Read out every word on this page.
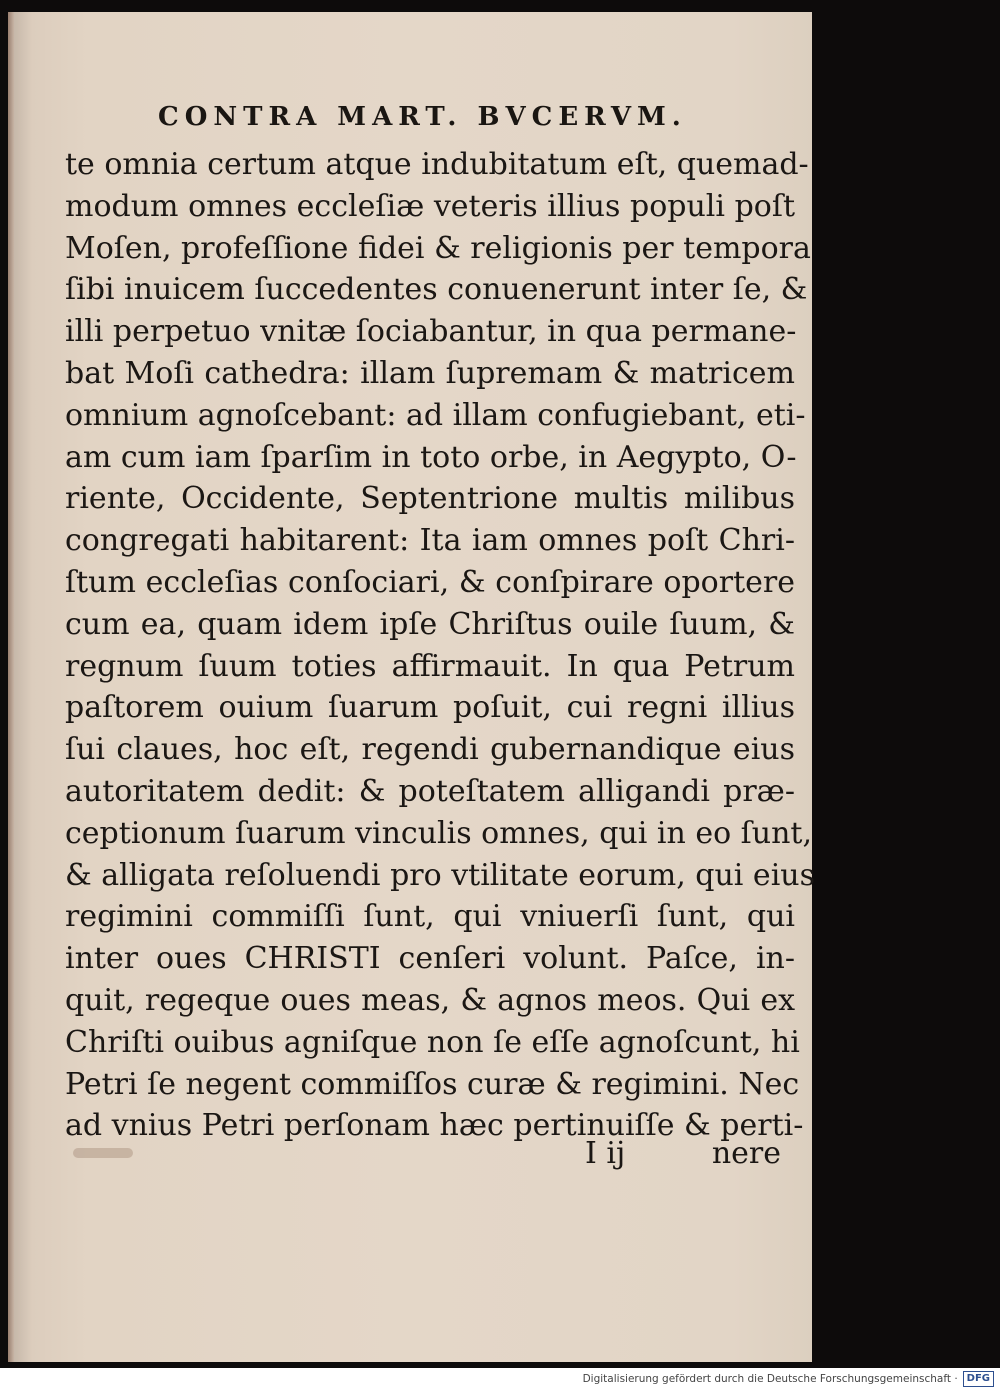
CONTRA MART. BVCERVM.
te omnia certum atque indubitatum eſt, quemad-
modum omnes eccleſiæ veteris illius populi poſt
Moſen, profeſſione fidei & religionis per tempora
ſibi inuicem ſuccedentes conuenerunt inter ſe, &
illi perpetuo vnitæ ſociabantur, in qua permane-
bat Moſi cathedra: illam ſupremam & matricem
omnium agnoſcebant: ad illam confugiebant, eti-
am cum iam ſparſim in toto orbe, in Aegypto, O-
riente, Occidente, Septentrione multis milibus
congregati habitarent: Ita iam omnes poſt Chri-
ſtum eccleſias conſociari, & conſpirare oportere
cum ea, quam idem ipſe Chriſtus ouile ſuum, &
regnum ſuum toties affirmauit. In qua Petrum
paſtorem ouium ſuarum poſuit, cui regni illius
ſui claues, hoc eſt, regendi gubernandique eius
autoritatem dedit: & poteſtatem alligandi præ-
ceptionum ſuarum vinculis omnes, qui in eo ſunt,
& alligata reſoluendi pro vtilitate eorum, qui eius
regimini commiſſi ſunt, qui vniuerſi ſunt, qui
inter oues CHRISTI cenſeri volunt. Paſce, in-
quit, regeque oues meas, & agnos meos. Qui ex
Chriſti ouibus agniſque non ſe eſſe agnoſcunt, hi
Petri ſe negent commiſſos curæ & regimini. Nec
ad vnius Petri perſonam hæc pertinuiſſe & perti-
I ij	nere
Digitalisierung gefördert durch die Deutsche Forschungsgemeinschaft · DFG
